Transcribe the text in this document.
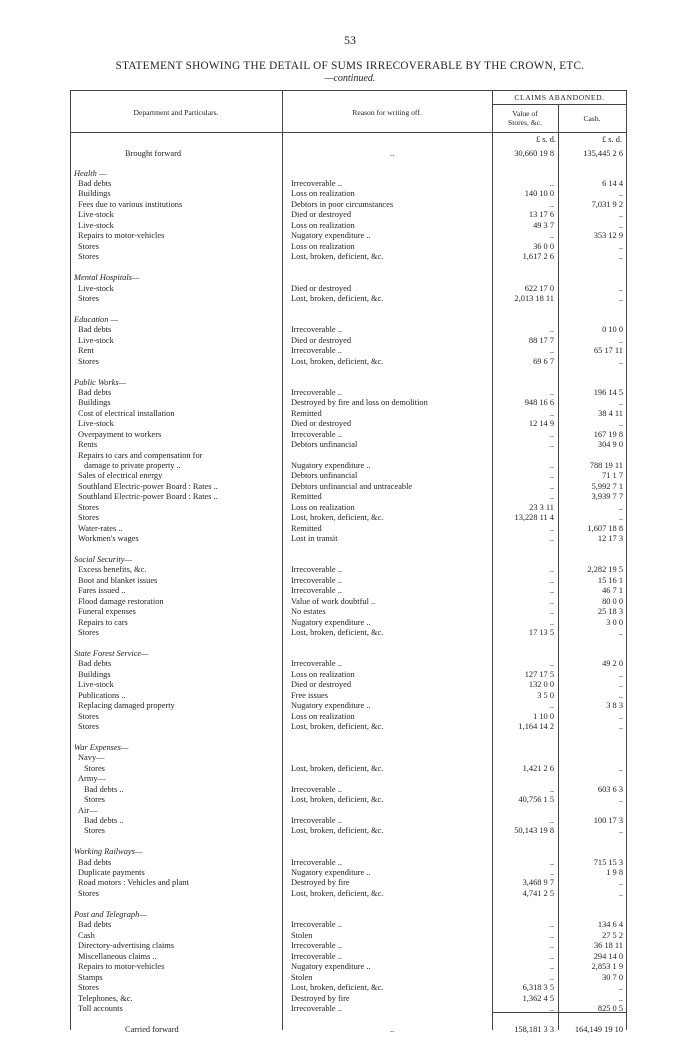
53
STATEMENT SHOWING THE DETAIL OF SUMS IRRECOVERABLE BY THE CROWN, ETC.
—continued.
Department and Particulars.	Reason for writing off.
CLAIMS ABANDONED.
Value of
Stores, &c.	Cash.
£ s. d.	£ s. d.
Brought forward	..	30,660 19 8	135,445 2 6
Health —
Bad debts	Irrecoverable ..	..	6 14 4
Buildings	Loss on realization	140 10 0	..
Fees due to various institutions	Debtors in poor circumstances	..	7,031 9 2
Live-stock	Died or destroyed	13 17 6	..
Live-stock	Loss on realization	49 3 7	..
Repairs to motor-vehicles	Nugatory expenditure ..	..	353 12 9
Stores	Loss on realization	36 0 0	..
Stores	Lost, broken, deficient, &c.	1,617 2 6	..
Mental Hospitals—
Live-stock	Died or destroyed	622 17 0	..
Stores	Lost, broken, deficient, &c.	2,013 18 11	..
Education —
Bad debts	Irrecoverable ..	..	0 10 0
Live-stock	Died or destroyed	88 17 7	..
Rent	Irrecoverable ..	..	65 17 11
Stores	Lost, broken, deficient, &c.	69 6 7	..
Public Works—
Bad debts	Irrecoverable ..	..	196 14 5
Buildings	Destroyed by fire and loss on demolition	948 16 6	..
Cost of electrical installation	Remitted	..	38 4 11
Live-stock	Died or destroyed	12 14 9	..
Overpayment to workers	Irrecoverable ..	..	167 19 8
Rents	Debtors unfinancial	..	304 9 0
Repairs to cars and compensation for
damage to private property ..	Nugatory expenditure ..	..	788 19 11
Sales of electrical energy	Debtors unfinancial	..	71 1 7
Southland Electric-power Board : Rates ..	Debtors unfinancial and untraceable	..	5,992 7 1
Southland Electric-power Board : Rates ..	Remitted	..	3,939 7 7
Stores	Loss on realization	23 3 11	..
Stores	Lost, broken, deficient, &c.	13,228 11 4	..
Water-rates ..	Remitted	..	1,607 18 8
Workmen's wages	Lost in transit	..	12 17 3
Social Security—
Excess benefits, &c.	Irrecoverable ..	..	2,282 19 5
Boot and blanket issues	Irrecoverable ..	..	15 16 1
Fares issued ..	Irrecoverable ..	..	46 7 1
Flood damage restoration	Value of work doubtful ..	..	80 0 0
Funeral expenses	No estates	..	25 18 3
Repairs to cars	Nugatory expenditure ..	..	3 0 0
Stores	Lost, broken, deficient, &c.	17 13 5	..
State Forest Service—
Bad debts	Irrecoverable ..	..	49 2 0
Buildings	Loss on realization	127 17 5	..
Live-stock	Died or destroyed	132 0 0	..
Publications ..	Free issues	3 5 0	..
Replacing damaged property	Nugatory expenditure ..	..	3 8 3
Stores	Loss on realization	1 10 0	..
Stores	Lost, broken, deficient, &c.	1,164 14 2	..
War Expenses—
Navy—
Stores	Lost, broken, deficient, &c.	1,421 2 6	..
Army—
Bad debts ..	Irrecoverable ..	..	603 6 3
Stores	Lost, broken, deficient, &c.	40,756 1 5	..
Air—
Bad debts ..	Irrecoverable ..	..	100 17 3
Stores	Lost, broken, deficient, &c.	50,143 19 8	..
Working Railways—
Bad debts	Irrecoverable ..	..	715 15 3
Duplicate payments	Nugatory expenditure ..	..	1 9 8
Road motors : Vehicles and plant	Destroyed by fire	3,468 9 7	..
Stores	Lost, broken, deficient, &c.	4,741 2 5	..
Post and Telegraph—
Bad debts	Irrecoverable ..	..	134 6 4
Cash	Stolen	..	27 5 2
Directory-advertising claims	Irrecoverable ..	..	36 18 11
Miscellaneous claims ..	Irrecoverable ..	..	294 14 0
Repairs to motor-vehicles	Nugatory expenditure ..	..	2,853 1 9
Stamps	Stolen	..	30 7 0
Stores	Lost, broken, deficient, &c.	6,318 3 5	..
Telephones, &c.	Destroyed by fire	1,362 4 5	..
Toll accounts	Irrecoverable ..	..	825 0 5
Carried forward	..	158,181 3 3	164,149 19 10
